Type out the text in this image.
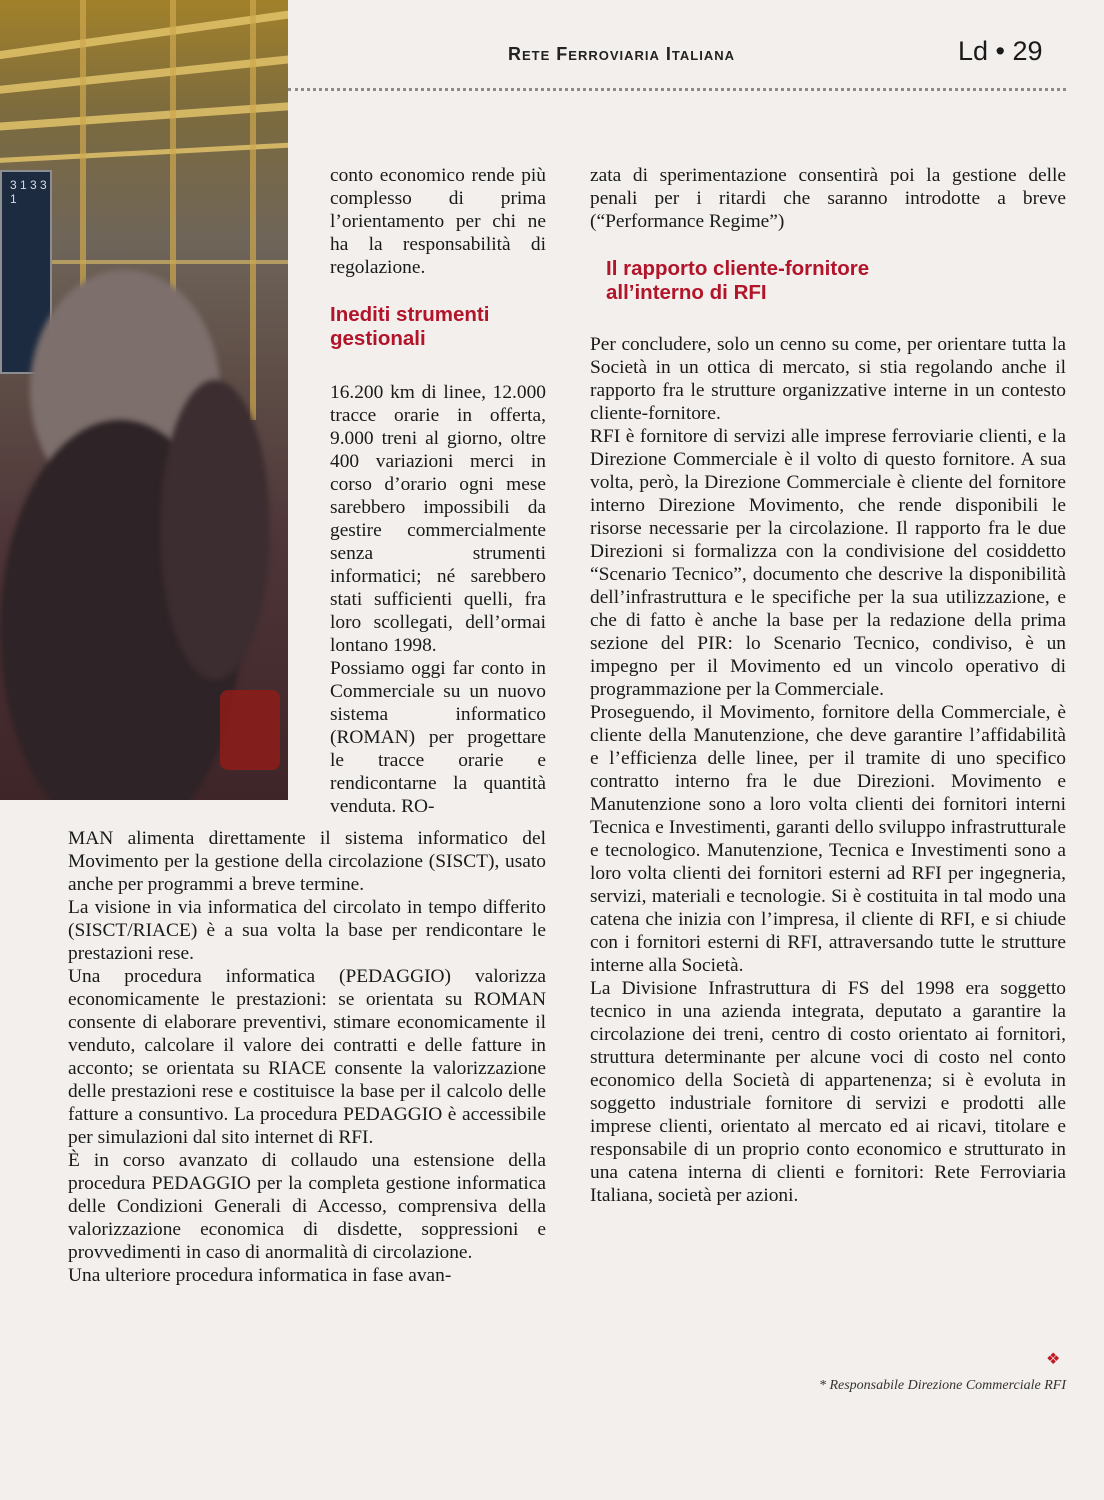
3 1 3 3 1
Rete Ferroviaria Italiana	Ld • 29

conto economico rende più complesso di prima l’orientamento per chi ne ha la responsabilità di regolazione.

Inediti strumenti gestionali

16.200 km di linee, 12.000 tracce orarie in offerta, 9.000 treni al giorno, oltre 400 variazioni merci in corso d’orario ogni mese sarebbero impossibili da gestire commercialmente senza strumenti informatici; né sarebbero stati sufficienti quelli, fra loro scollegati, dell’ormai lontano 1998.

Possiamo oggi far conto in Commerciale su un nuovo sistema informatico (ROMAN) per progettare le tracce orarie e rendicontarne la quantità venduta. RO-

MAN alimenta direttamente il sistema informatico del Movimento per la gestione della circolazione (SISCT), usato anche per programmi a breve termine.

La visione in via informatica del circolato in tempo differito (SISCT/RIACE) è a sua volta la base per rendicontare le prestazioni rese.

Una procedura informatica (PEDAGGIO) valorizza economicamente le prestazioni: se orientata su ROMAN consente di elaborare preventivi, stimare economicamente il venduto, calcolare il valore dei contratti e delle fatture in acconto; se orientata su RIACE consente la valorizzazione delle prestazioni rese e costituisce la base per il calcolo delle fatture a consuntivo. La procedura PEDAGGIO è accessibile per simulazioni dal sito internet di RFI.

È in corso avanzato di collaudo una estensione della procedura PEDAGGIO per la completa gestione informatica delle Condizioni Generali di Accesso, comprensiva della valorizzazione economica di disdette, soppressioni e provvedimenti in caso di anormalità di circolazione.

Una ulteriore procedura informatica in fase avan-

zata di sperimentazione consentirà poi la gestione delle penali per i ritardi che saranno introdotte a breve (“Performance Regime”)

Il rapporto cliente-fornitore

all’interno di RFI

Per concludere, solo un cenno su come, per orientare tutta la Società in un ottica di mercato, si stia regolando anche il rapporto fra le strutture organizzative interne in un contesto cliente-fornitore.

RFI è fornitore di servizi alle imprese ferroviarie clienti, e la Direzione Commerciale è il volto di questo fornitore. A sua volta, però, la Direzione Commerciale è cliente del fornitore interno Direzione Movimento, che rende disponibili le risorse necessarie per la circolazione. Il rapporto fra le due Direzioni si formalizza con la condivisione del cosiddetto “Scenario Tecnico”, documento che descrive la disponibilità dell’infrastruttura e le specifiche per la sua utilizzazione, e che di fatto è anche la base per la redazione della prima sezione del PIR: lo Scenario Tecnico, condiviso, è un impegno per il Movimento ed un vincolo operativo di programmazione per la Commerciale.

Proseguendo, il Movimento, fornitore della Commerciale, è cliente della Manutenzione, che deve garantire l’affidabilità e l’efficienza delle linee, per il tramite di uno specifico contratto interno fra le due Direzioni. Movimento e Manutenzione sono a loro volta clienti dei fornitori interni Tecnica e Investimenti, garanti dello sviluppo infrastrutturale e tecnologico. Manutenzione, Tecnica e Investimenti sono a loro volta clienti dei fornitori esterni ad RFI per ingegneria, servizi, materiali e tecnologie. Si è costituita in tal modo una catena che inizia con l’impresa, il cliente di RFI, e si chiude con i fornitori esterni di RFI, attraversando tutte le strutture interne alla Società.

La Divisione Infrastruttura di FS del 1998 era soggetto tecnico in una azienda integrata, deputato a garantire la circolazione dei treni, centro di costo orientato ai fornitori, struttura determinante per alcune voci di costo nel conto economico della Società di appartenenza; si è evoluta in soggetto industriale fornitore di servizi e prodotti alle imprese clienti, orientato al mercato ed ai ricavi, titolare e responsabile di un proprio conto economico e strutturato in una catena interna di clienti e fornitori: Rete Ferroviaria Italiana, società per azioni.

❖
* Responsabile Direzione Commerciale RFI
